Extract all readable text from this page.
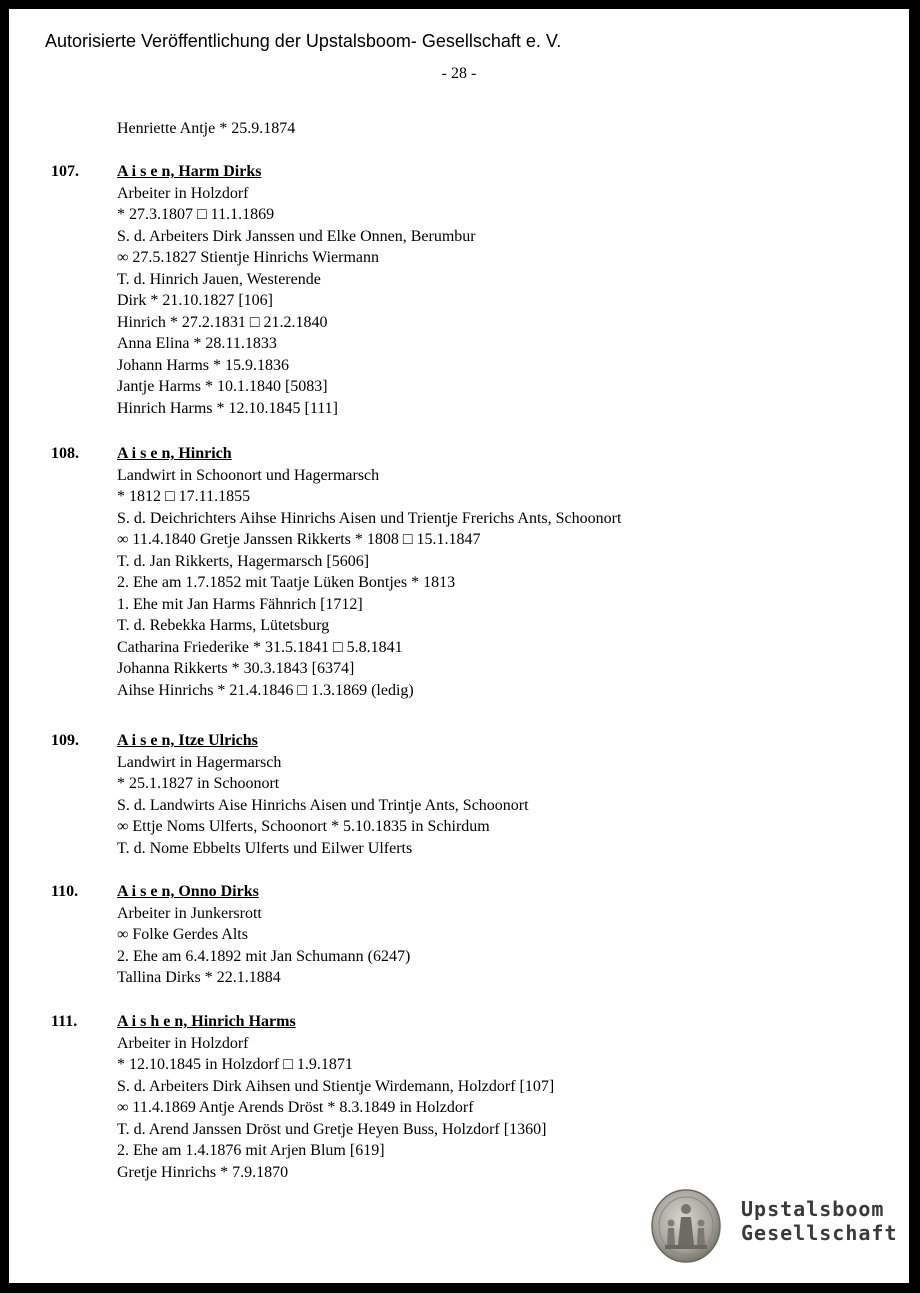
Autorisierte Veröffentlichung der Upstalsboom- Gesellschaft e. V.
- 28 -
Henriette Antje * 25.9.1874
107. A i s e n, Harm Dirks
Arbeiter in Holzdorf
* 27.3.1807 □ 11.1.1869
S. d. Arbeiters Dirk Janssen und Elke Onnen, Berumbur
∞ 27.5.1827 Stientje Hinrichs Wiermann
T. d. Hinrich Jauen, Westerende
Dirk * 21.10.1827 [106]
Hinrich * 27.2.1831 □ 21.2.1840
Anna Elina * 28.11.1833
Johann Harms * 15.9.1836
Jantje Harms * 10.1.1840 [5083]
Hinrich Harms * 12.10.1845 [111]
108. A i s e n, Hinrich
Landwirt in Schoonort und Hagermarsch
* 1812 □ 17.11.1855
S. d. Deichrichters Aihse Hinrichs Aisen und Trientje Frerichs Ants, Schoonort
∞ 11.4.1840 Gretje Janssen Rikkerts * 1808 □ 15.1.1847
T. d. Jan Rikkerts, Hagermarsch [5606]
2. Ehe am 1.7.1852 mit Taatje Lüken Bontjes * 1813
1. Ehe mit Jan Harms Fähnrich [1712]
T. d. Rebekka Harms, Lütetsburg
Catharina Friederike * 31.5.1841 □ 5.8.1841
Johanna Rikkerts * 30.3.1843 [6374]
Aihse Hinrichs * 21.4.1846 □ 1.3.1869 (ledig)
109. A i s e n, Itze Ulrichs
Landwirt in Hagermarsch
* 25.1.1827 in Schoonort
S. d. Landwirts Aise Hinrichs Aisen und Trintje Ants, Schoonort
∞ Ettje Noms Ulferts, Schoonort * 5.10.1835 in Schirdum
T. d. Nome Ebbelts Ulferts und Eilwer Ulferts
110. A i s e n, Onno Dirks
Arbeiter in Junkersrott
∞ Folke Gerdes Alts
2. Ehe am 6.4.1892 mit Jan Schumann (6247)
Tallina Dirks * 22.1.1884
111. A i s h e n, Hinrich Harms
Arbeiter in Holzdorf
* 12.10.1845 in Holzdorf □ 1.9.1871
S. d. Arbeiters Dirk Aihsen und Stientje Wirdemann, Holzdorf [107]
∞ 11.4.1869 Antje Arends Dröst * 8.3.1849 in Holzdorf
T. d. Arend Janssen Dröst und Gretje Heyen Buss, Holzdorf [1360]
2. Ehe am 1.4.1876 mit Arjen Blum [619]
Gretje Hinrichs * 7.9.1870
Upstalsboom
Gesellschaft
